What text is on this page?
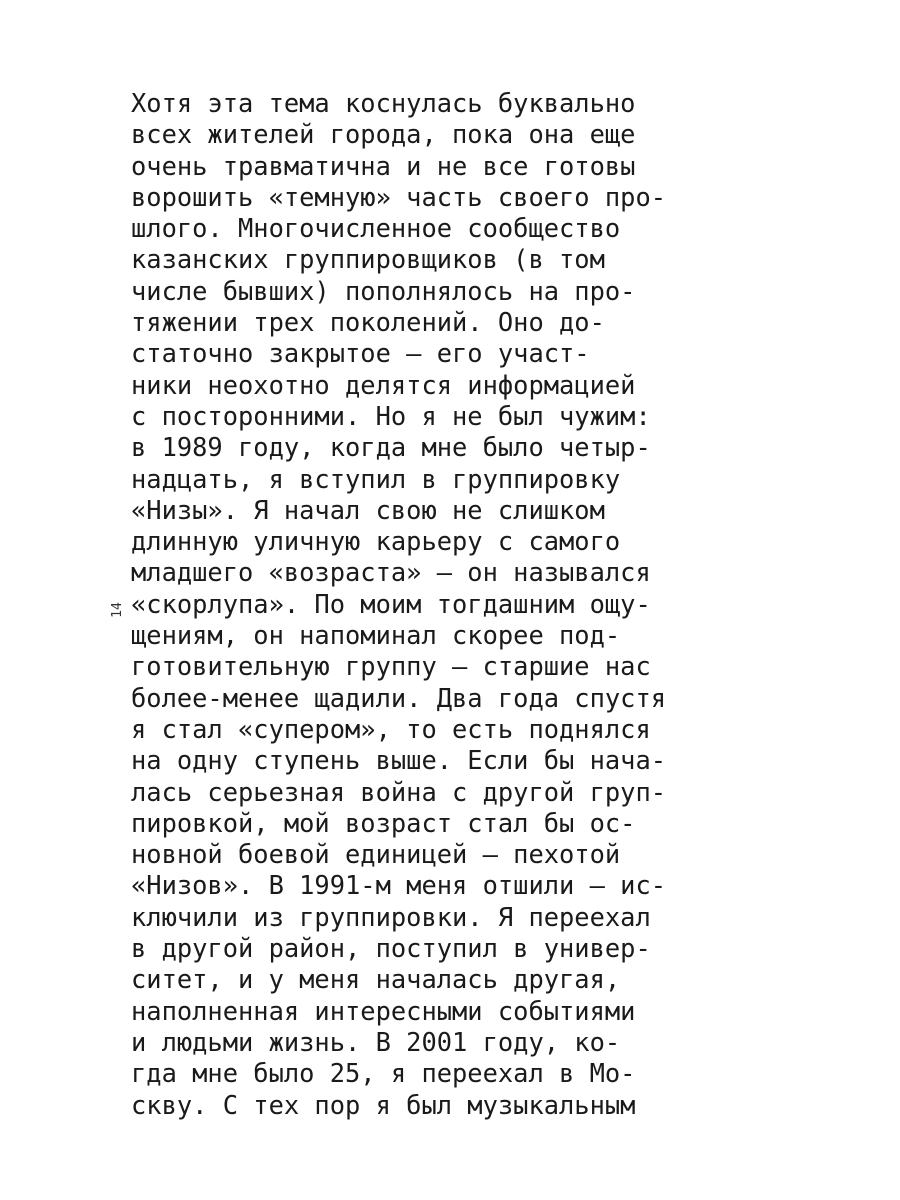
14
Хотя эта тема коснулась буквально
всех жителей города, пока она еще
очень травматична и не все готовы
ворошить «темную» часть своего про-
шлого. Многочисленное сообщество
казанских группировщиков (в том
числе бывших) пополнялось на про-
тяжении трех поколений. Оно до-
статочно закрытое — его участ-
ники неохотно делятся информацией
с посторонними. Но я не был чужим:
в 1989 году, когда мне было четыр-
надцать, я вступил в группировку
«Низы». Я начал свою не слишком
длинную уличную карьеру с самого
младшего «возраста» — он назывался
«скорлупа». По моим тогдашним ощу-
щениям, он напоминал скорее под-
готовительную группу — старшие нас
более-менее щадили. Два года спустя
я стал «супером», то есть поднялся
на одну ступень выше. Если бы нача-
лась серьезная война с другой груп-
пировкой, мой возраст стал бы ос-
новной боевой единицей — пехотой
«Низов». В 1991-м меня отшили — ис-
ключили из группировки. Я переехал
в другой район, поступил в универ-
ситет, и у меня началась другая,
наполненная интересными событиями
и людьми жизнь. В 2001 году, ко-
гда мне было 25, я переехал в Мо-
скву. С тех пор я был музыкальным
